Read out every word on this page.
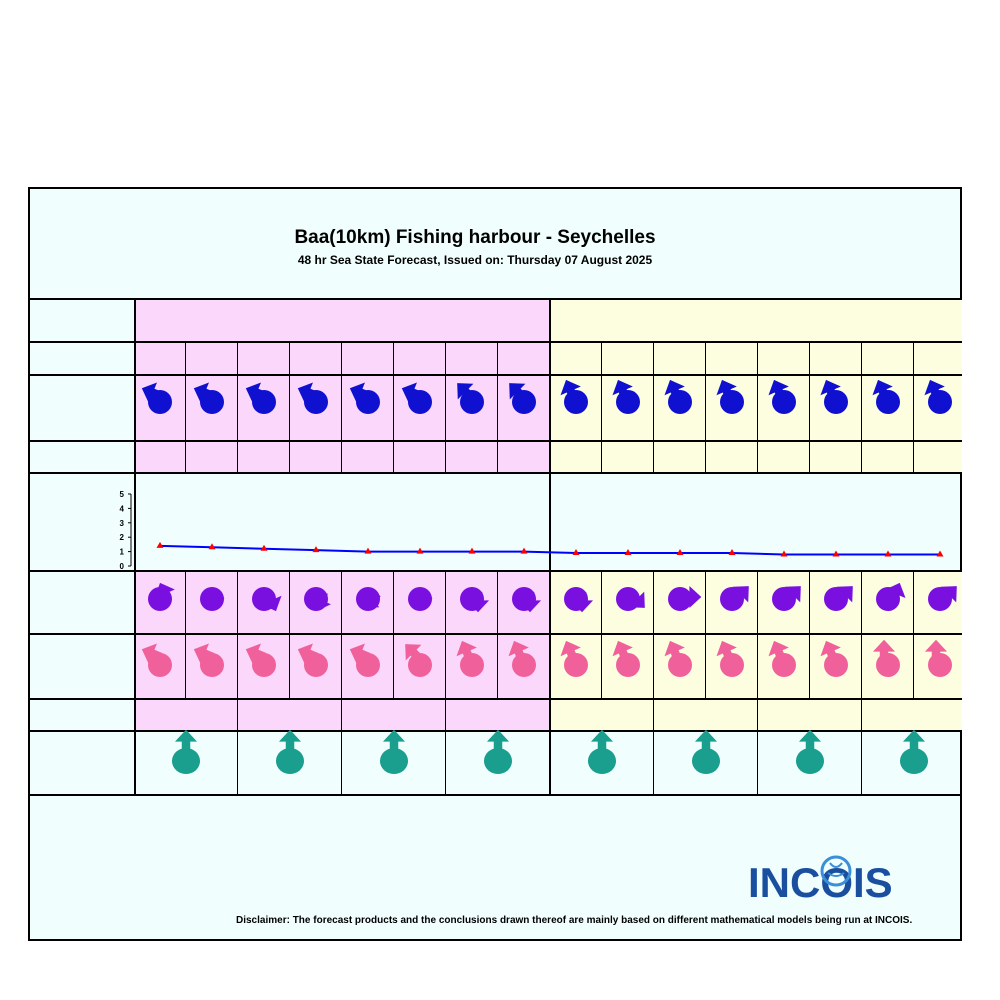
Baa(10km) Fishing harbour - Seychelles
48 hr Sea State Forecast, Issued on: Thursday 07 August 2025
0
1
2
3
4
5
Disclaimer: The forecast products and the conclusions drawn thereof are mainly based on different mathematical models being run at INCOIS.
INCOIS
